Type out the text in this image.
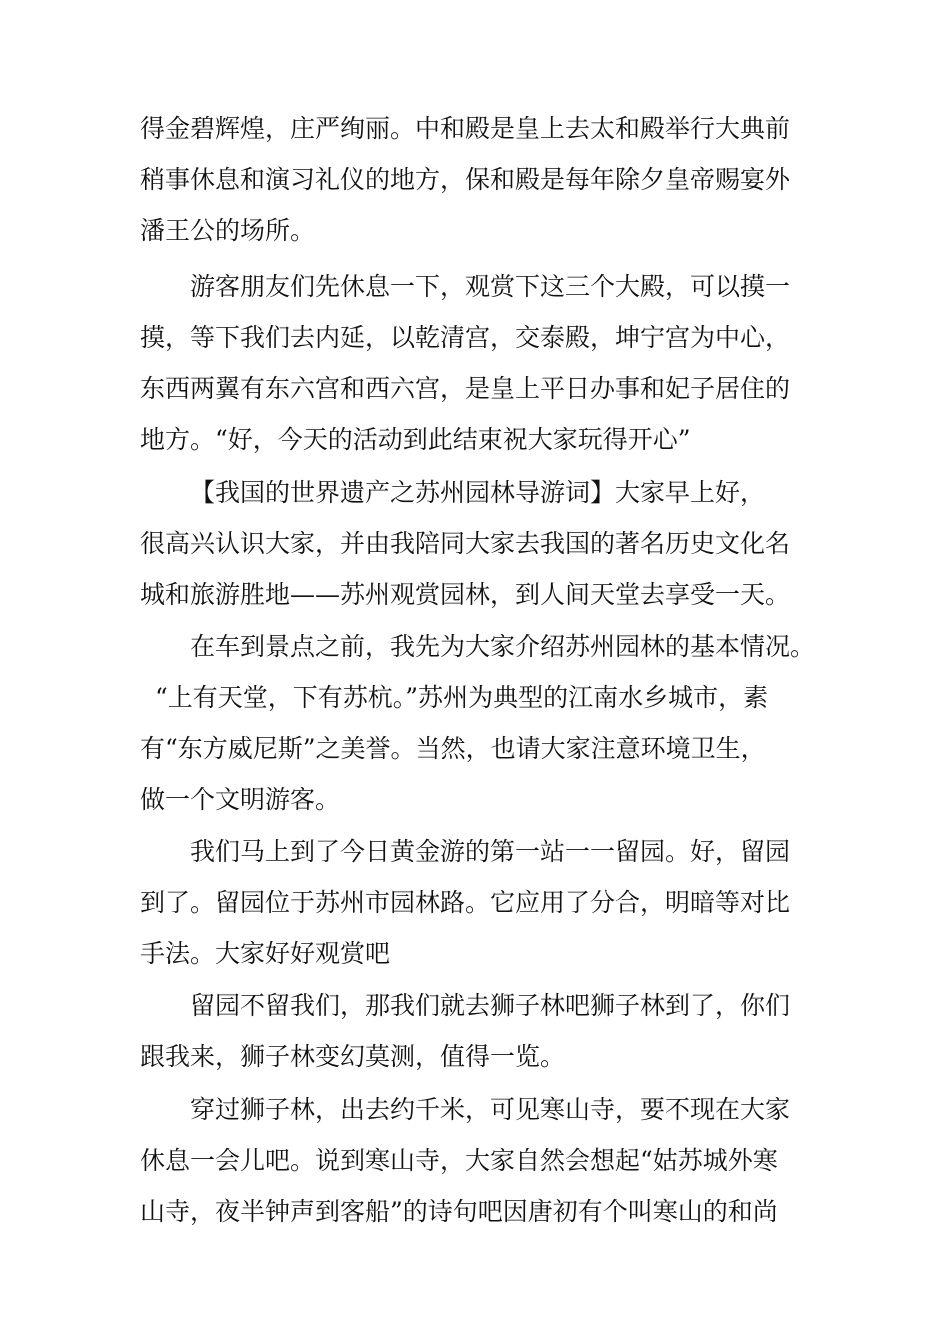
得金碧辉煌，庄严绚丽。中和殿是皇上去太和殿举行大典前
稍事休息和演习礼仪的地方，保和殿是每年除夕皇帝赐宴外
潘王公的场所。
游客朋友们先休息一下，观赏下这三个大殿，可以摸一
摸，等下我们去内延，以乾清宫，交泰殿，坤宁宫为中心，
东西两翼有东六宫和西六宫，是皇上平日办事和妃子居住的
地方。“好，今天的活动到此结束祝大家玩得开心”
【我国的世界遗产之苏州园林导游词】大家早上好，
很高兴认识大家，并由我陪同大家去我国的著名历史文化名
城和旅游胜地——苏州观赏园林，到人间天堂去享受一天。
在车到景点之前，我先为大家介绍苏州园林的基本情况。
“上有天堂，下有苏杭。”苏州为典型的江南水乡城市，素
有“东方威尼斯”之美誉。当然，也请大家注意环境卫生，
做一个文明游客。
我们马上到了今日黄金游的第一站一一留园。好，留园
到了。留园位于苏州市园林路。它应用了分合，明暗等对比
手法。大家好好观赏吧
留园不留我们，那我们就去狮子林吧狮子林到了，你们
跟我来，狮子林变幻莫测，值得一览。
穿过狮子林，出去约千米，可见寒山寺，要不现在大家
休息一会儿吧。说到寒山寺，大家自然会想起“姑苏城外寒
山寺，夜半钟声到客船”的诗句吧因唐初有个叫寒山的和尚
